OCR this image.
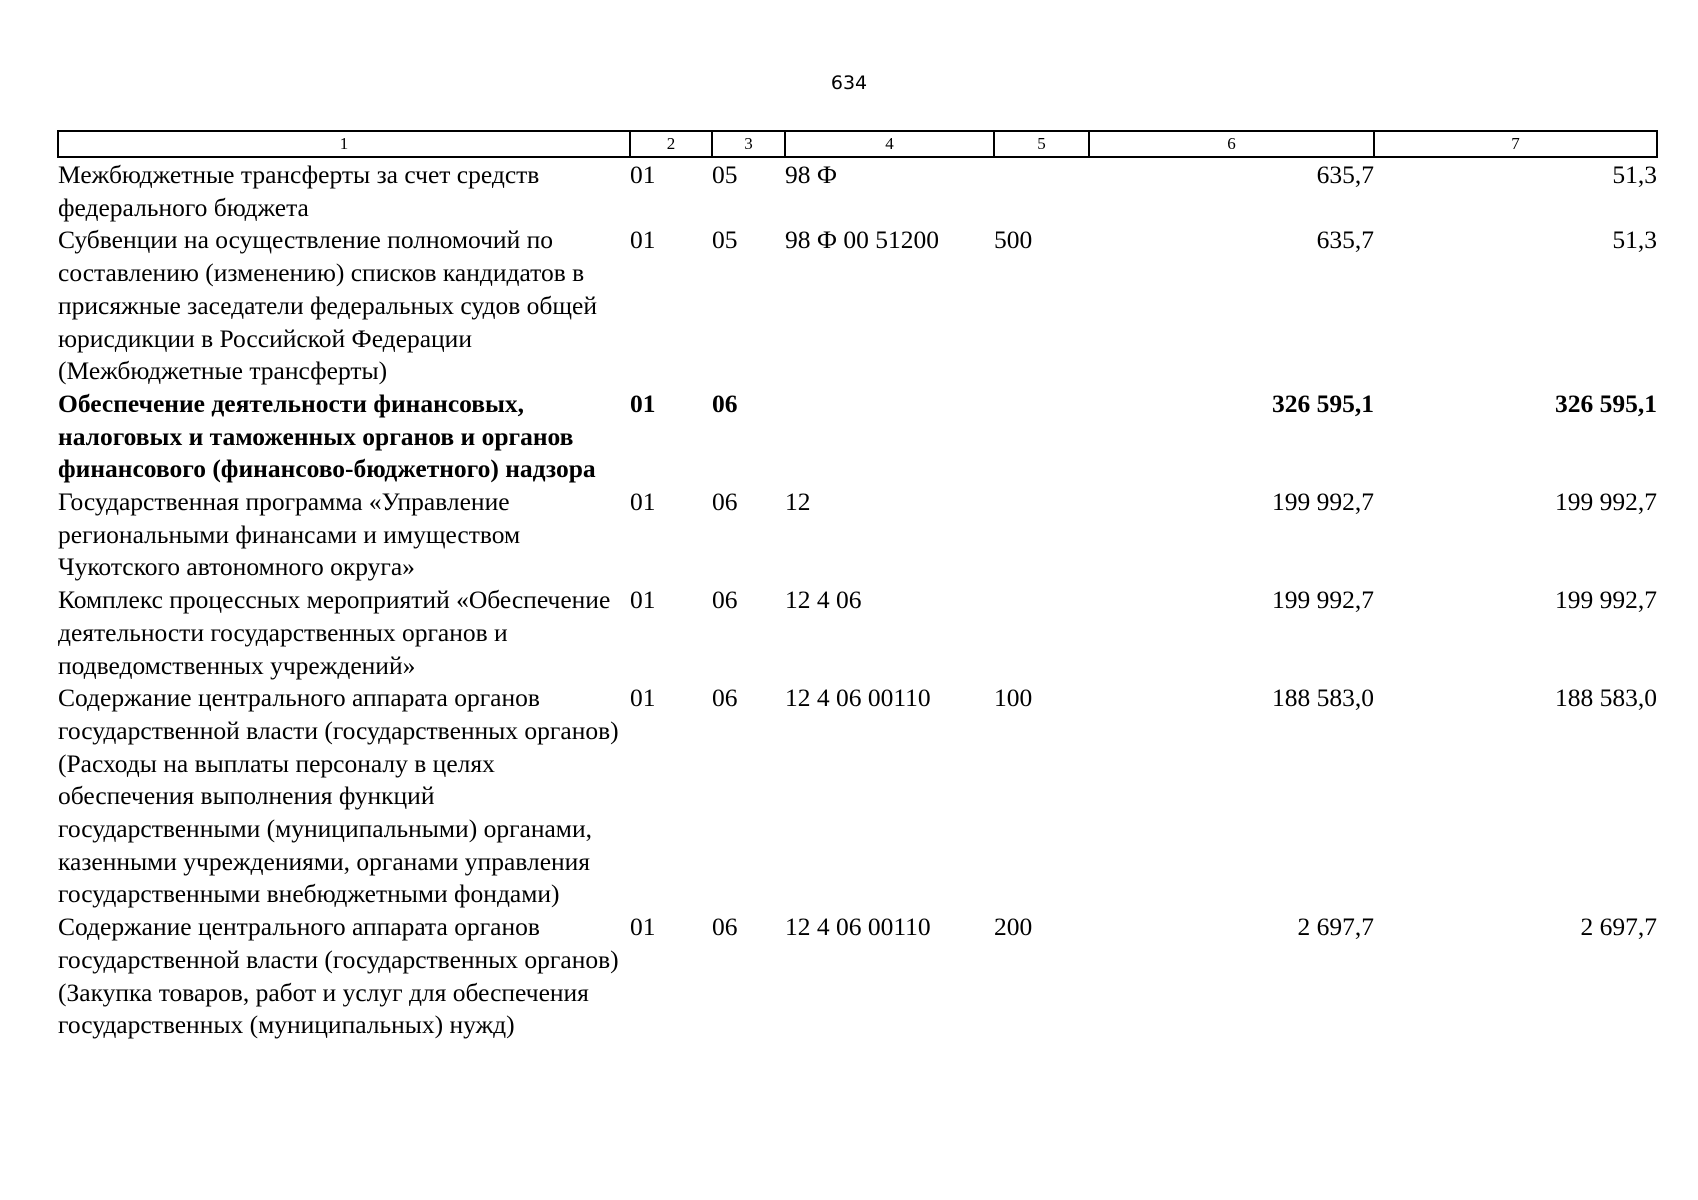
634
1	2	3	4	5	6	7
Межбюджетные трансферты за счет средств федерального бюджета	01	05	98 Ф		635,7	51,3
Субвенции на осуществление полномочий по составлению (изменению) списков кандидатов в присяжные заседатели федеральных судов общей юрисдикции в Российской Федерации (Межбюджетные трансферты)	01	05	98 Ф 00 51200	500	635,7	51,3
Обеспечение деятельности финансовых, налоговых и таможенных органов и органов финансового (финансово-бюджетного) надзора	01	06			326 595,1	326 595,1
Государственная программа «Управление региональными финансами и имуществом Чукотского автономного округа»	01	06	12		199 992,7	199 992,7
Комплекс процессных мероприятий «Обеспечение деятельности государственных органов и подведомственных учреждений»	01	06	12 4 06		199 992,7	199 992,7
Содержание центрального аппарата органов государственной власти (государственных органов) (Расходы на выплаты персоналу в целях обеспечения выполнения функций государственными (муниципальными) органами, казенными учреждениями, органами управления государственными внебюджетными фондами)	01	06	12 4 06 00110	100	188 583,0	188 583,0
Содержание центрального аппарата органов государственной власти (государственных органов) (Закупка товаров, работ и услуг для обеспечения государственных (муниципальных) нужд)	01	06	12 4 06 00110	200	2 697,7	2 697,7
